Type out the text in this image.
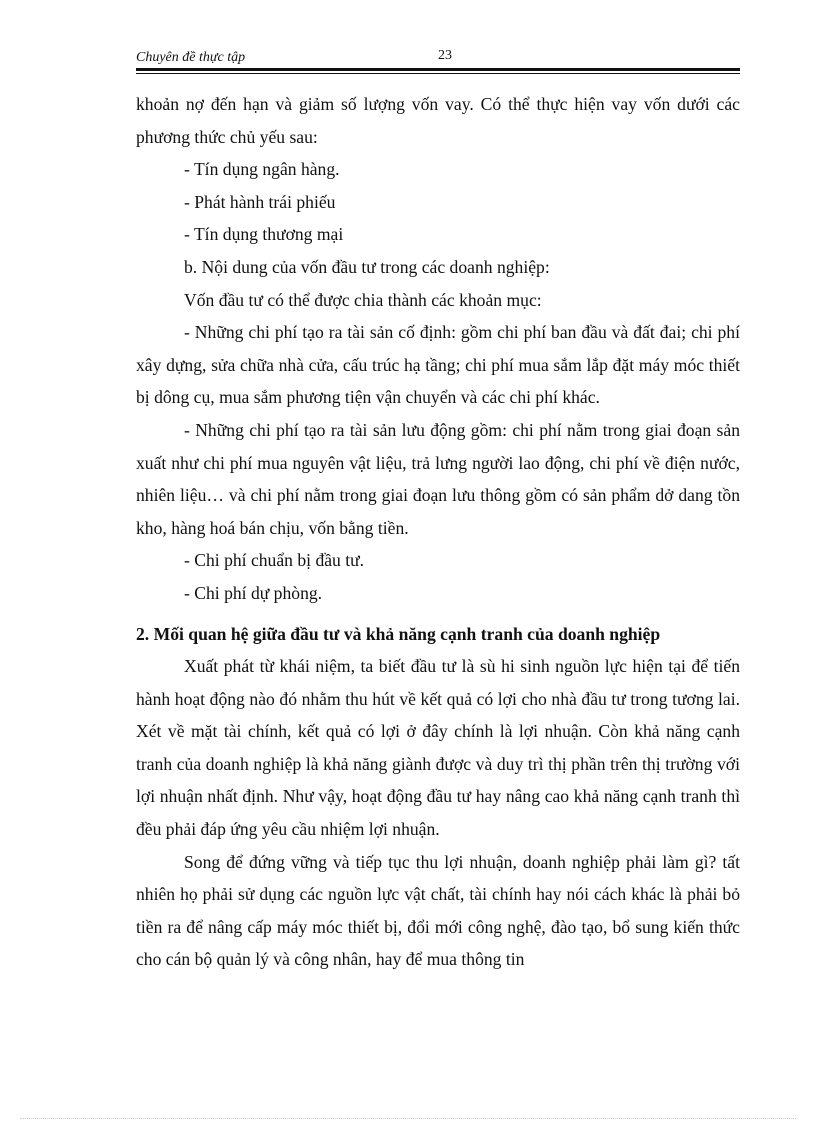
Chuyên đề thực tập	23

khoản nợ đến hạn và giảm số lượng vốn vay. Có thể thực hiện vay vốn dưới các phương thức chủ yếu sau:

- Tín dụng ngân hàng.

- Phát hành trái phiếu

- Tín dụng thương mại

b. Nội dung của vốn đầu tư trong các doanh nghiệp:

Vốn đầu tư có thể được chia thành các khoản mục:

- Những chi phí tạo ra tài sản cố định: gồm chi phí ban đầu và đất đai; chi phí xây dựng, sửa chữa nhà cửa, cấu trúc hạ tầng; chi phí mua sắm lắp đặt máy móc thiết bị dông cụ, mua sắm phương tiện vận chuyển và các chi phí khác.

- Những chi phí tạo ra tài sản lưu động gồm: chi phí nằm trong giai đoạn sản xuất như chi phí mua nguyên vật liệu, trả lưng người lao động, chi phí về điện nước, nhiên liệu… và chi phí nằm trong giai đoạn lưu thông gồm có sản phẩm dở dang tồn kho, hàng hoá bán chịu, vốn bằng tiền.

- Chi phí chuẩn bị đầu tư.

- Chi phí dự phòng.

2. Mối quan hệ giữa đầu tư và khả năng cạnh tranh của doanh nghiệp

Xuất phát từ khái niệm, ta biết đầu tư là sù hi sinh nguồn lực hiện tại để tiến hành hoạt động nào đó nhằm thu hút về kết quả có lợi cho nhà đầu tư trong tương lai. Xét về mặt tài chính, kết quả có lợi ở đây chính là lợi nhuận. Còn khả năng cạnh tranh của doanh nghiệp là khả năng giành được và duy trì thị phần trên thị trường với lợi nhuận nhất định. Như vậy, hoạt động đầu tư hay nâng cao khả năng cạnh tranh thì đều phải đáp ứng yêu cầu nhiệm lợi nhuận.

Song để đứng vững và tiếp tục thu lợi nhuận, doanh nghiệp phải làm gì? tất nhiên họ phải sử dụng các nguồn lực vật chất, tài chính hay nói cách khác là phải bỏ tiền ra để nâng cấp máy móc thiết bị, đổi mới công nghệ, đào tạo, bổ sung kiến thức cho cán bộ quản lý và công nhân, hay để mua thông tin
